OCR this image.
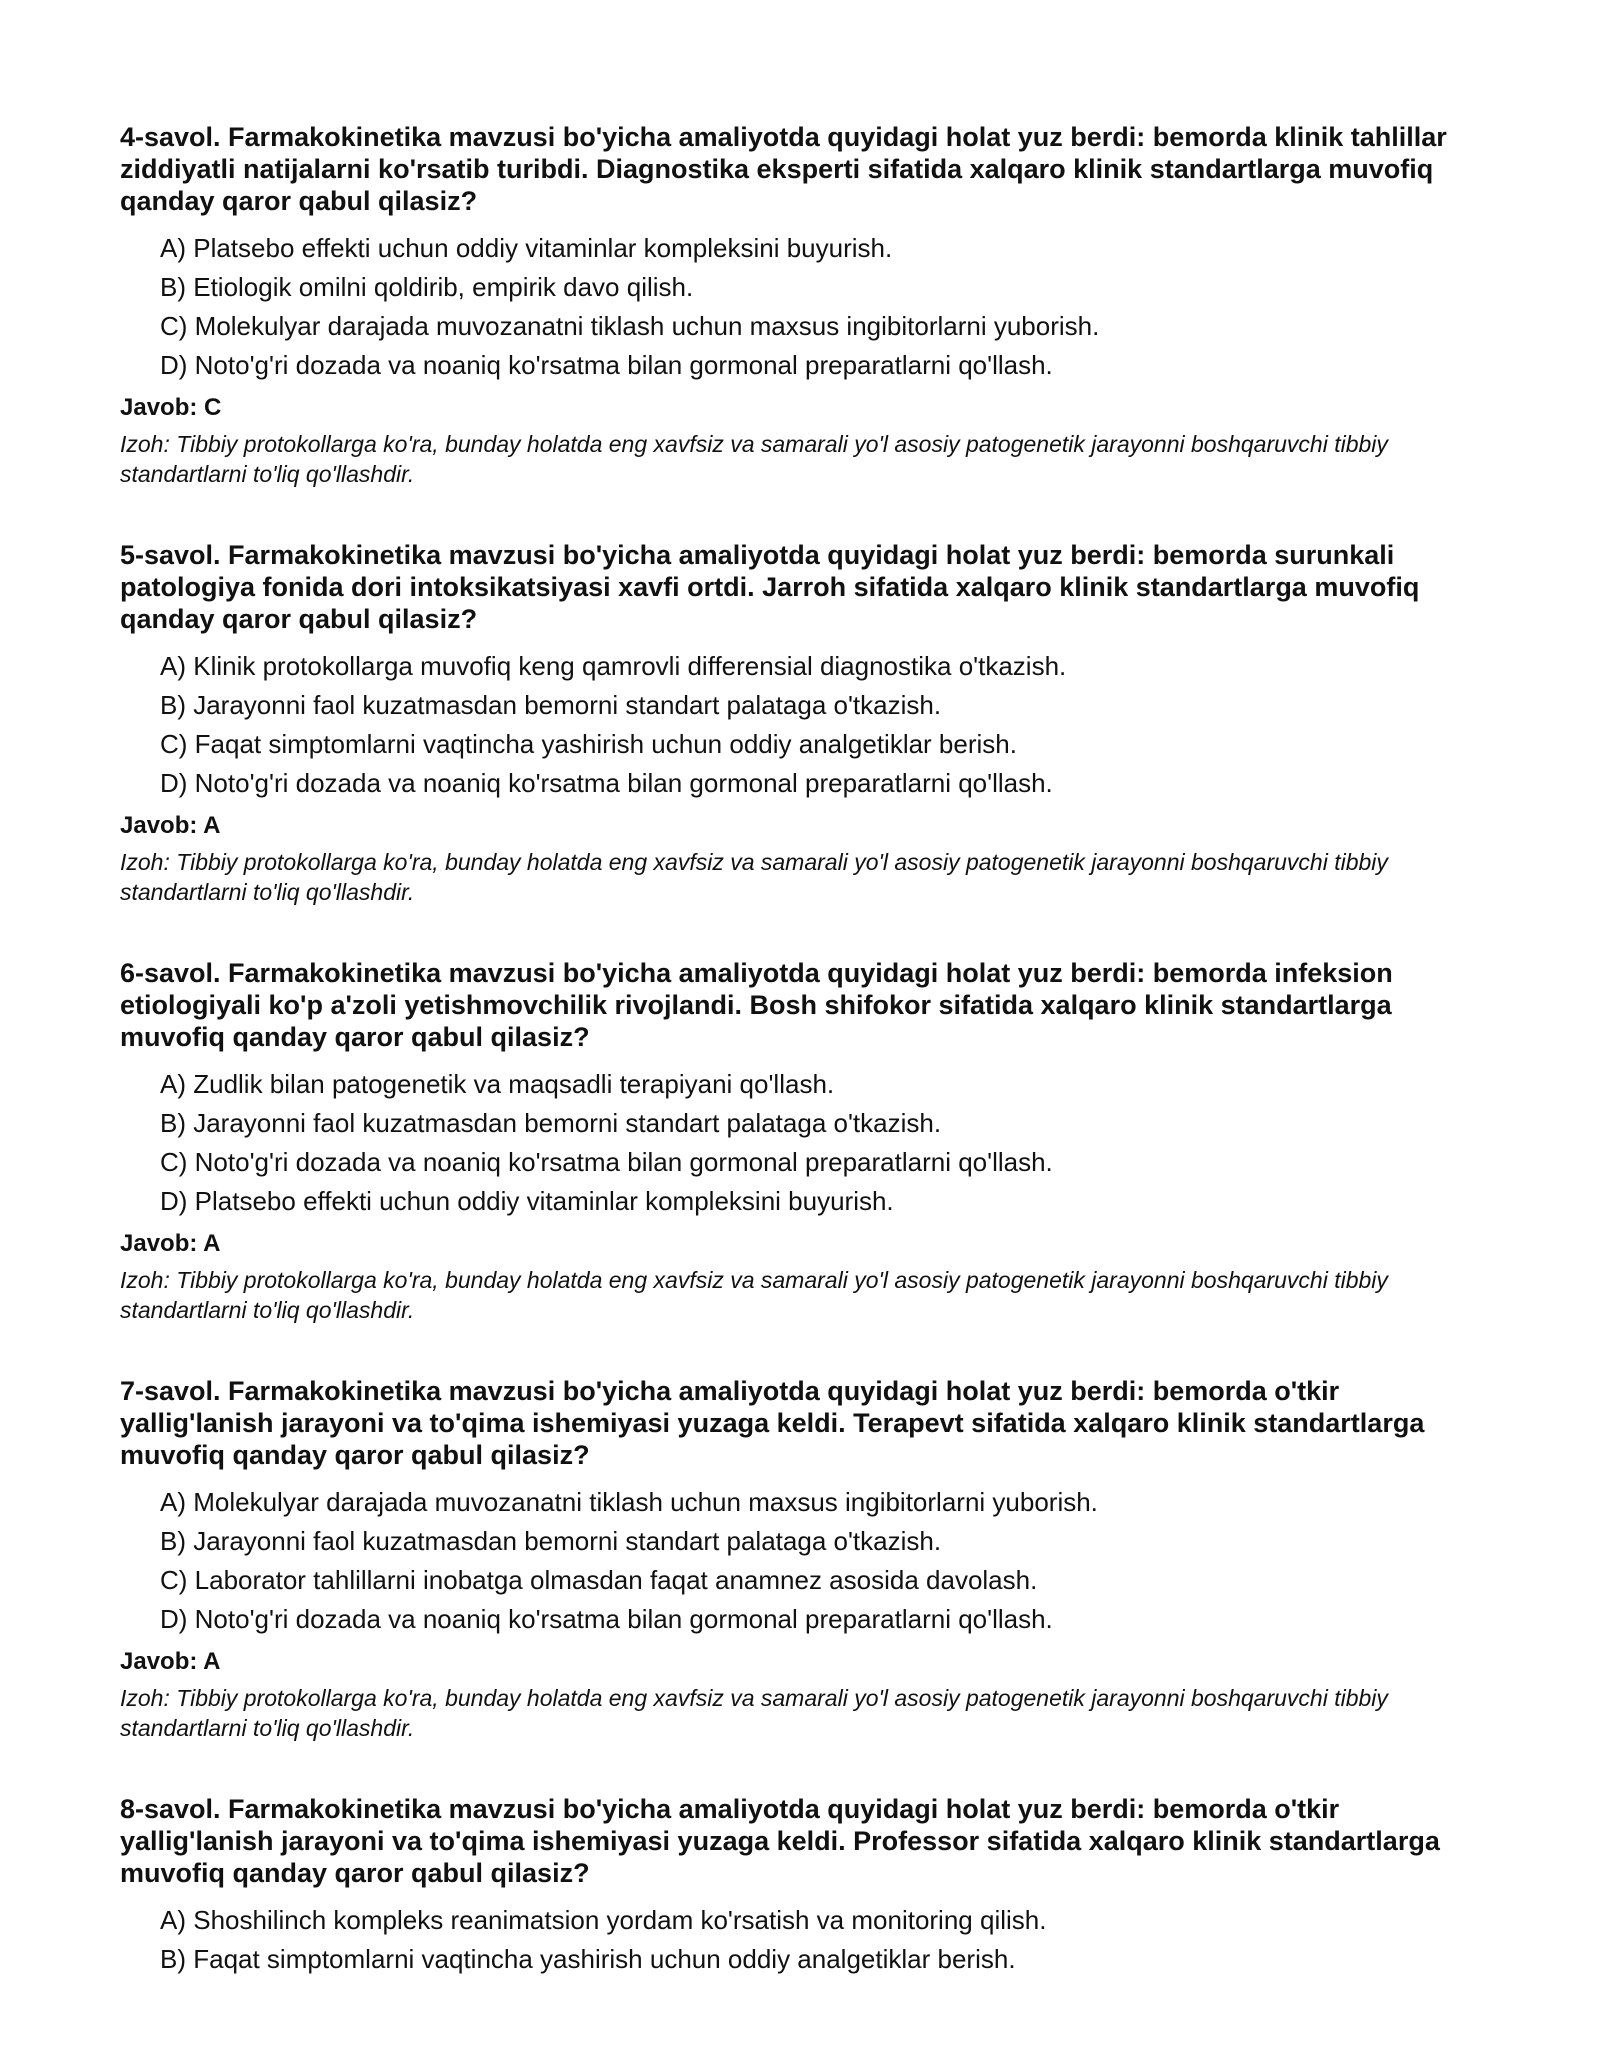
4-savol. Farmakokinetika mavzusi bo'yicha amaliyotda quyidagi holat yuz berdi: bemorda klinik tahlillar ziddiyatli natijalarni ko'rsatib turibdi. Diagnostika eksperti sifatida xalqaro klinik standartlarga muvofiq qanday qaror qabul qilasiz?
A) Platsebo effekti uchun oddiy vitaminlar kompleksini buyurish.
B) Etiologik omilni qoldirib, empirik davo qilish.
C) Molekulyar darajada muvozanatni tiklash uchun maxsus ingibitorlarni yuborish.
D) Noto'g'ri dozada va noaniq ko'rsatma bilan gormonal preparatlarni qo'llash.
Javob: C
Izoh: Tibbiy protokollarga ko'ra, bunday holatda eng xavfsiz va samarali yo'l asosiy patogenetik jarayonni boshqaruvchi tibbiy standartlarni to'liq qo'llashdir.
5-savol. Farmakokinetika mavzusi bo'yicha amaliyotda quyidagi holat yuz berdi: bemorda surunkali patologiya fonida dori intoksikatsiyasi xavfi ortdi. Jarroh sifatida xalqaro klinik standartlarga muvofiq qanday qaror qabul qilasiz?
A) Klinik protokollarga muvofiq keng qamrovli differensial diagnostika o'tkazish.
B) Jarayonni faol kuzatmasdan bemorni standart palataga o'tkazish.
C) Faqat simptomlarni vaqtincha yashirish uchun oddiy analgetiklar berish.
D) Noto'g'ri dozada va noaniq ko'rsatma bilan gormonal preparatlarni qo'llash.
Javob: A
Izoh: Tibbiy protokollarga ko'ra, bunday holatda eng xavfsiz va samarali yo'l asosiy patogenetik jarayonni boshqaruvchi tibbiy standartlarni to'liq qo'llashdir.
6-savol. Farmakokinetika mavzusi bo'yicha amaliyotda quyidagi holat yuz berdi: bemorda infeksion etiologiyali ko'p a'zoli yetishmovchilik rivojlandi. Bosh shifokor sifatida xalqaro klinik standartlarga muvofiq qanday qaror qabul qilasiz?
A) Zudlik bilan patogenetik va maqsadli terapiyani qo'llash.
B) Jarayonni faol kuzatmasdan bemorni standart palataga o'tkazish.
C) Noto'g'ri dozada va noaniq ko'rsatma bilan gormonal preparatlarni qo'llash.
D) Platsebo effekti uchun oddiy vitaminlar kompleksini buyurish.
Javob: A
Izoh: Tibbiy protokollarga ko'ra, bunday holatda eng xavfsiz va samarali yo'l asosiy patogenetik jarayonni boshqaruvchi tibbiy standartlarni to'liq qo'llashdir.
7-savol. Farmakokinetika mavzusi bo'yicha amaliyotda quyidagi holat yuz berdi: bemorda o'tkir yallig'lanish jarayoni va to'qima ishemiyasi yuzaga keldi. Terapevt sifatida xalqaro klinik standartlarga muvofiq qanday qaror qabul qilasiz?
A) Molekulyar darajada muvozanatni tiklash uchun maxsus ingibitorlarni yuborish.
B) Jarayonni faol kuzatmasdan bemorni standart palataga o'tkazish.
C) Laborator tahlillarni inobatga olmasdan faqat anamnez asosida davolash.
D) Noto'g'ri dozada va noaniq ko'rsatma bilan gormonal preparatlarni qo'llash.
Javob: A
Izoh: Tibbiy protokollarga ko'ra, bunday holatda eng xavfsiz va samarali yo'l asosiy patogenetik jarayonni boshqaruvchi tibbiy standartlarni to'liq qo'llashdir.
8-savol. Farmakokinetika mavzusi bo'yicha amaliyotda quyidagi holat yuz berdi: bemorda o'tkir yallig'lanish jarayoni va to'qima ishemiyasi yuzaga keldi. Professor sifatida xalqaro klinik standartlarga muvofiq qanday qaror qabul qilasiz?
A) Shoshilinch kompleks reanimatsion yordam ko'rsatish va monitoring qilish.
B) Faqat simptomlarni vaqtincha yashirish uchun oddiy analgetiklar berish.
